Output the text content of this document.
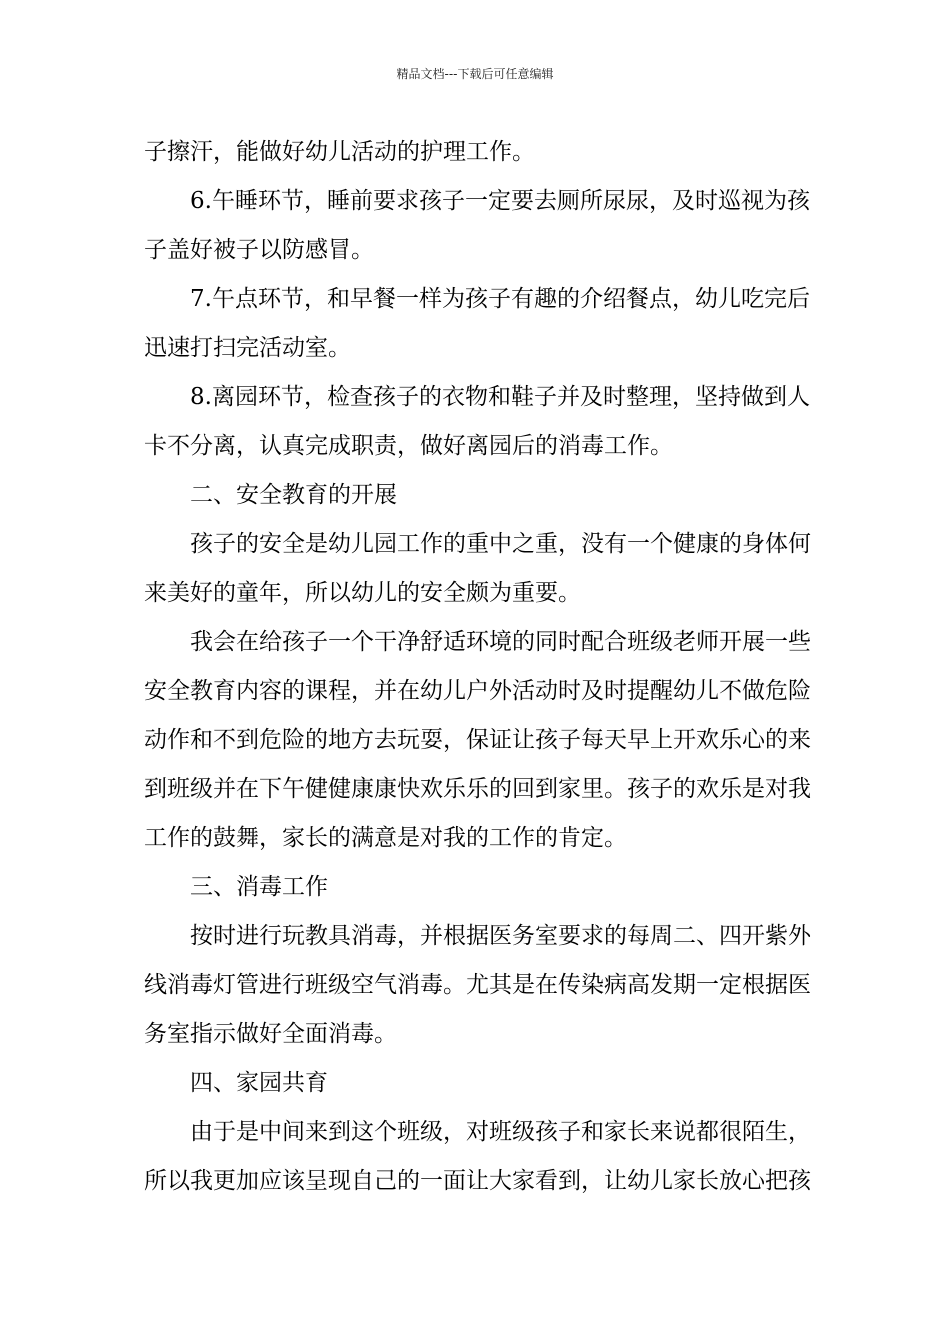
精品文档---下载后可任意编辑
子擦汗，能做好幼儿活动的护理工作。
6.午睡环节，睡前要求孩子一定要去厕所尿尿，及时巡视为孩
子盖好被子以防感冒。
7.午点环节，和早餐一样为孩子有趣的介绍餐点，幼儿吃完后
迅速打扫完活动室。
8.离园环节，检查孩子的衣物和鞋子并及时整理，坚持做到人
卡不分离，认真完成职责，做好离园后的消毒工作。
二、安全教育的开展
孩子的安全是幼儿园工作的重中之重，没有一个健康的身体何
来美好的童年，所以幼儿的安全颇为重要。
我会在给孩子一个干净舒适环境的同时配合班级老师开展一些
安全教育内容的课程，并在幼儿户外活动时及时提醒幼儿不做危险
动作和不到危险的地方去玩耍，保证让孩子每天早上开欢乐心的来
到班级并在下午健健康康快欢乐乐的回到家里。孩子的欢乐是对我
工作的鼓舞，家长的满意是对我的工作的肯定。
三、消毒工作
按时进行玩教具消毒，并根据医务室要求的每周二、四开紫外
线消毒灯管进行班级空气消毒。尤其是在传染病高发期一定根据医
务室指示做好全面消毒。
四、家园共育
由于是中间来到这个班级，对班级孩子和家长来说都很陌生，
所以我更加应该呈现自己的一面让大家看到，让幼儿家长放心把孩
